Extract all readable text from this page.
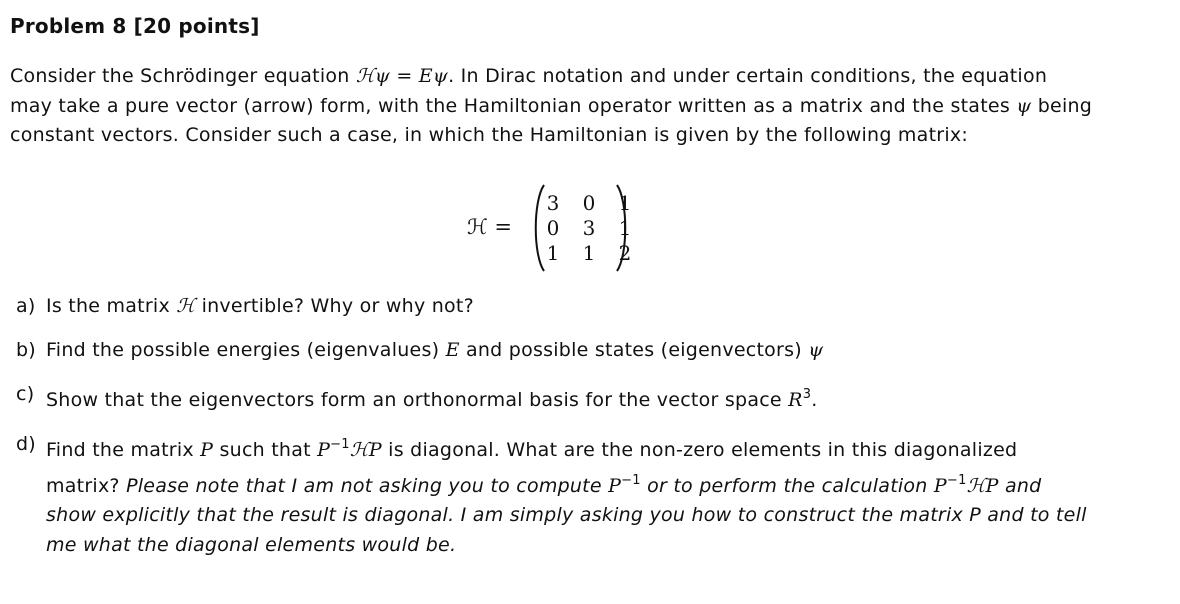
Problem 8 [20 points]
Consider the Schrödinger equation ℋψ = Eψ. In Dirac notation and under certain conditions, the equation
may take a pure vector (arrow) form, with the Hamiltonian operator written as a matrix and the states ψ being
constant vectors. Consider such a case, in which the Hamiltonian is given by the following matrix:
ℋ =
3 0 1
0 3 1
1 1 2
a) Is the matrix ℋ invertible? Why or why not?
b) Find the possible energies (eigenvalues) E and possible states (eigenvectors) ψ
c) Show that the eigenvectors form an orthonormal basis for the vector space $R^3$.
d) Find the matrix P such that $P^{-1}ℋP$ is diagonal. What are the non-zero elements in this diagonalized
matrix? Please note that I am not asking you to compute $P^{-1}$ or to perform the calculation $P^{-1}ℋP$ and
show explicitly that the result is diagonal. I am simply asking you how to construct the matrix P and to tell
me what the diagonal elements would be.
